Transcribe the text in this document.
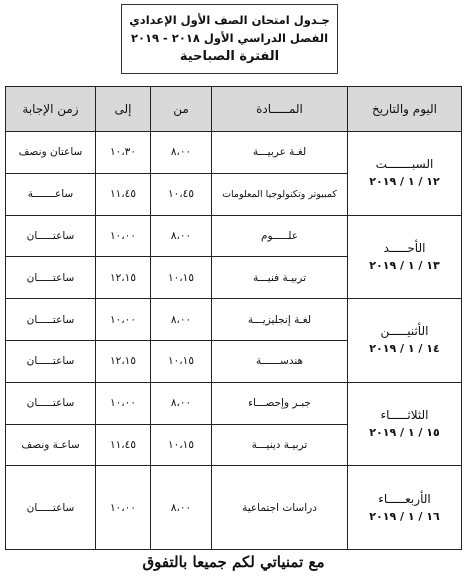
جـدول امتحان الصف الأول الإعدادي
الفصل الدراسي الأول ٢٠١٨ - ٢٠١٩
الفترة الصباحية
اليوم والتاريخ	المـــــادة	من	إلى	زمن الإجابة

السبـــــــت
١٢ / ١ / ٢٠١٩	لغـة عربيـــة	٨،٠٠	١٠،٣٠	ساعتان ونصف
	كمبيوتر وتكنولوجيا المعلومات	١٠،٤٥	١١،٤٥	ساعـــــــة

الأحـــــد
١٣ / ١ / ٢٠١٩	علـــــوم	٨،٠٠	١٠،٠٠	ساعتـــــان
	تربيـة فنيـــة	١٠،١٥	١٢،١٥	ساعتـــــان

الأثنيـــــن
١٤ / ١ / ٢٠١٩	لغـة إنجليزيـــة	٨،٠٠	١٠،٠٠	ساعتـــــان
	هندســــــة	١٠،١٥	١٢،١٥	ساعتـــــان

الثلاثـــــاء
١٥ / ١ / ٢٠١٩	جبـر وإحصـــاء	٨،٠٠	١٠،٠٠	ساعتـــــان
	تربيـة دينيـــة	١٠،١٥	١١،٤٥	ساعـة ونصف

الأربعـــــاء
١٦ / ١ / ٢٠١٩	دراسات اجتماعية	٨،٠٠	١٠،٠٠	ساعتـــــان
مع تمنياتي لكم جميعا بالتفوق
